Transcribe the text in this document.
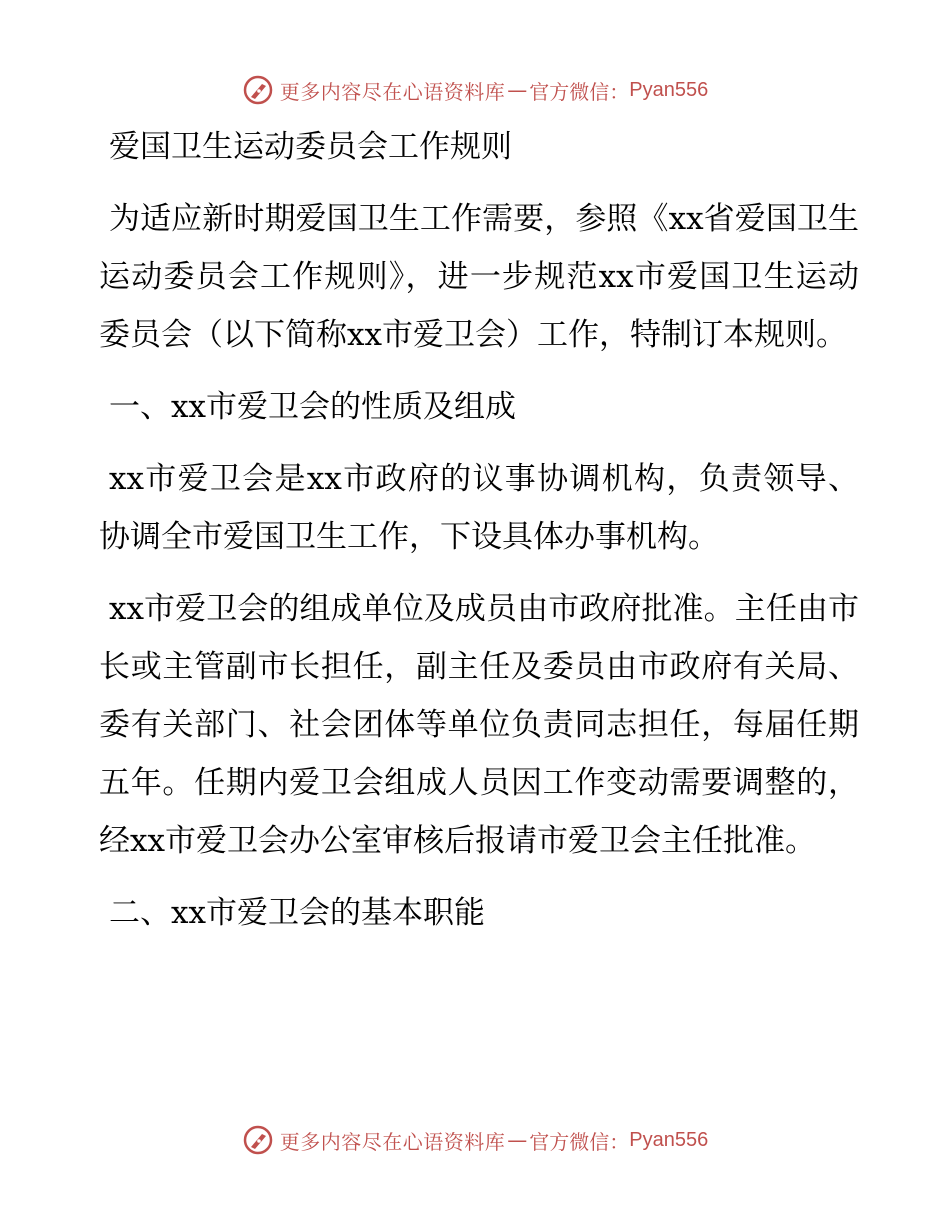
更多内容尽在心语资料库 — 官方微信： Pyan556

爱国卫生运动委员会工作规则

为适应新时期爱国卫生工作需要，参照《xx省爱国卫生运动委员会工作规则》，进一步规范xx市爱国卫生运动委员会（以下简称xx市爱卫会）工作，特制订本规则。

一、xx市爱卫会的性质及组成

xx市爱卫会是xx市政府的议事协调机构，负责领导、协调全市爱国卫生工作，下设具体办事机构。

xx市爱卫会的组成单位及成员由市政府批准。主任由市长或主管副市长担任，副主任及委员由市政府有关局、委有关部门、社会团体等单位负责同志担任，每届任期五年。任期内爱卫会组成人员因工作变动需要调整的，经xx市爱卫会办公室审核后报请市爱卫会主任批准。

二、xx市爱卫会的基本职能

更多内容尽在心语资料库 — 官方微信： Pyan556
